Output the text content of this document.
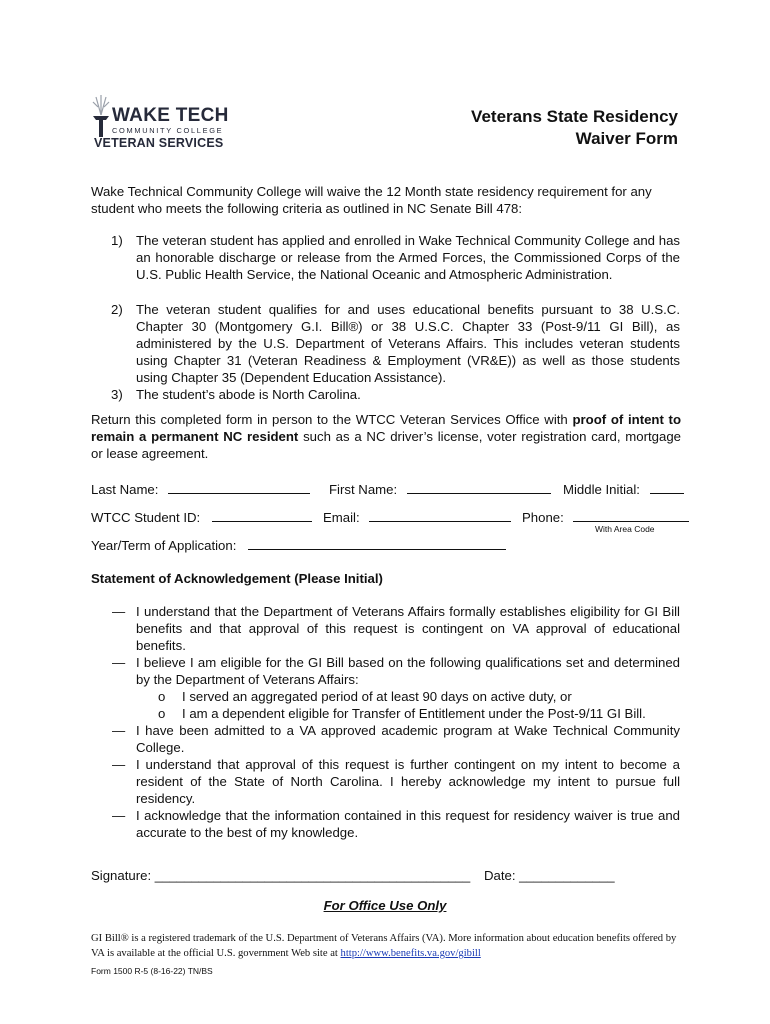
WAKE TECH
COMMUNITY COLLEGE
VETERAN SERVICES
Veterans State Residency
Waiver Form
Wake Technical Community College will waive the 12 Month state residency requirement for any student who meets the following criteria as outlined in NC Senate Bill 478:
1) The veteran student has applied and enrolled in Wake Technical Community College and has an honorable discharge or release from the Armed Forces, the Commissioned Corps of the U.S. Public Health Service, the National Oceanic and Atmospheric Administration.
2) The veteran student qualifies for and uses educational benefits pursuant to 38 U.S.C. Chapter 30 (Montgomery G.I. Bill®) or 38 U.S.C. Chapter 33 (Post-9/11 GI Bill), as administered by the U.S. Department of Veterans Affairs. This includes veteran students using Chapter 31 (Veteran Readiness & Employment (VR&E)) as well as those students using Chapter 35 (Dependent Education Assistance).
3) The student’s abode is North Carolina.
Return this completed form in person to the WTCC Veteran Services Office with proof of intent to remain a permanent NC resident such as a NC driver’s license, voter registration card, mortgage or lease agreement.
Last Name:	First Name:	Middle Initial:
WTCC Student ID:	Email:	Phone:
With Area Code
Year/Term of Application:
Statement of Acknowledgement (Please Initial)
— I understand that the Department of Veterans Affairs formally establishes eligibility for GI Bill benefits and that approval of this request is contingent on VA approval of educational benefits.
— I believe I am eligible for the GI Bill based on the following qualifications set and determined by the Department of Veterans Affairs:
o I served an aggregated period of at least 90 days on active duty, or
o I am a dependent eligible for Transfer of Entitlement under the Post-9/11 GI Bill.
— I have been admitted to a VA approved academic program at Wake Technical Community College.
— I understand that approval of this request is further contingent on my intent to become a resident of the State of North Carolina. I hereby acknowledge my intent to pursue full residency.
— I acknowledge that the information contained in this request for residency waiver is true and accurate to the best of my knowledge.
Signature: ___________________________________________ Date: _____________
For Office Use Only
GI Bill® is a registered trademark of the U.S. Department of Veterans Affairs (VA). More information about education benefits offered by VA is available at the official U.S. government Web site at http://www.benefits.va.gov/gibill
Form 1500 R-5 (8-16-22) TN/BS
